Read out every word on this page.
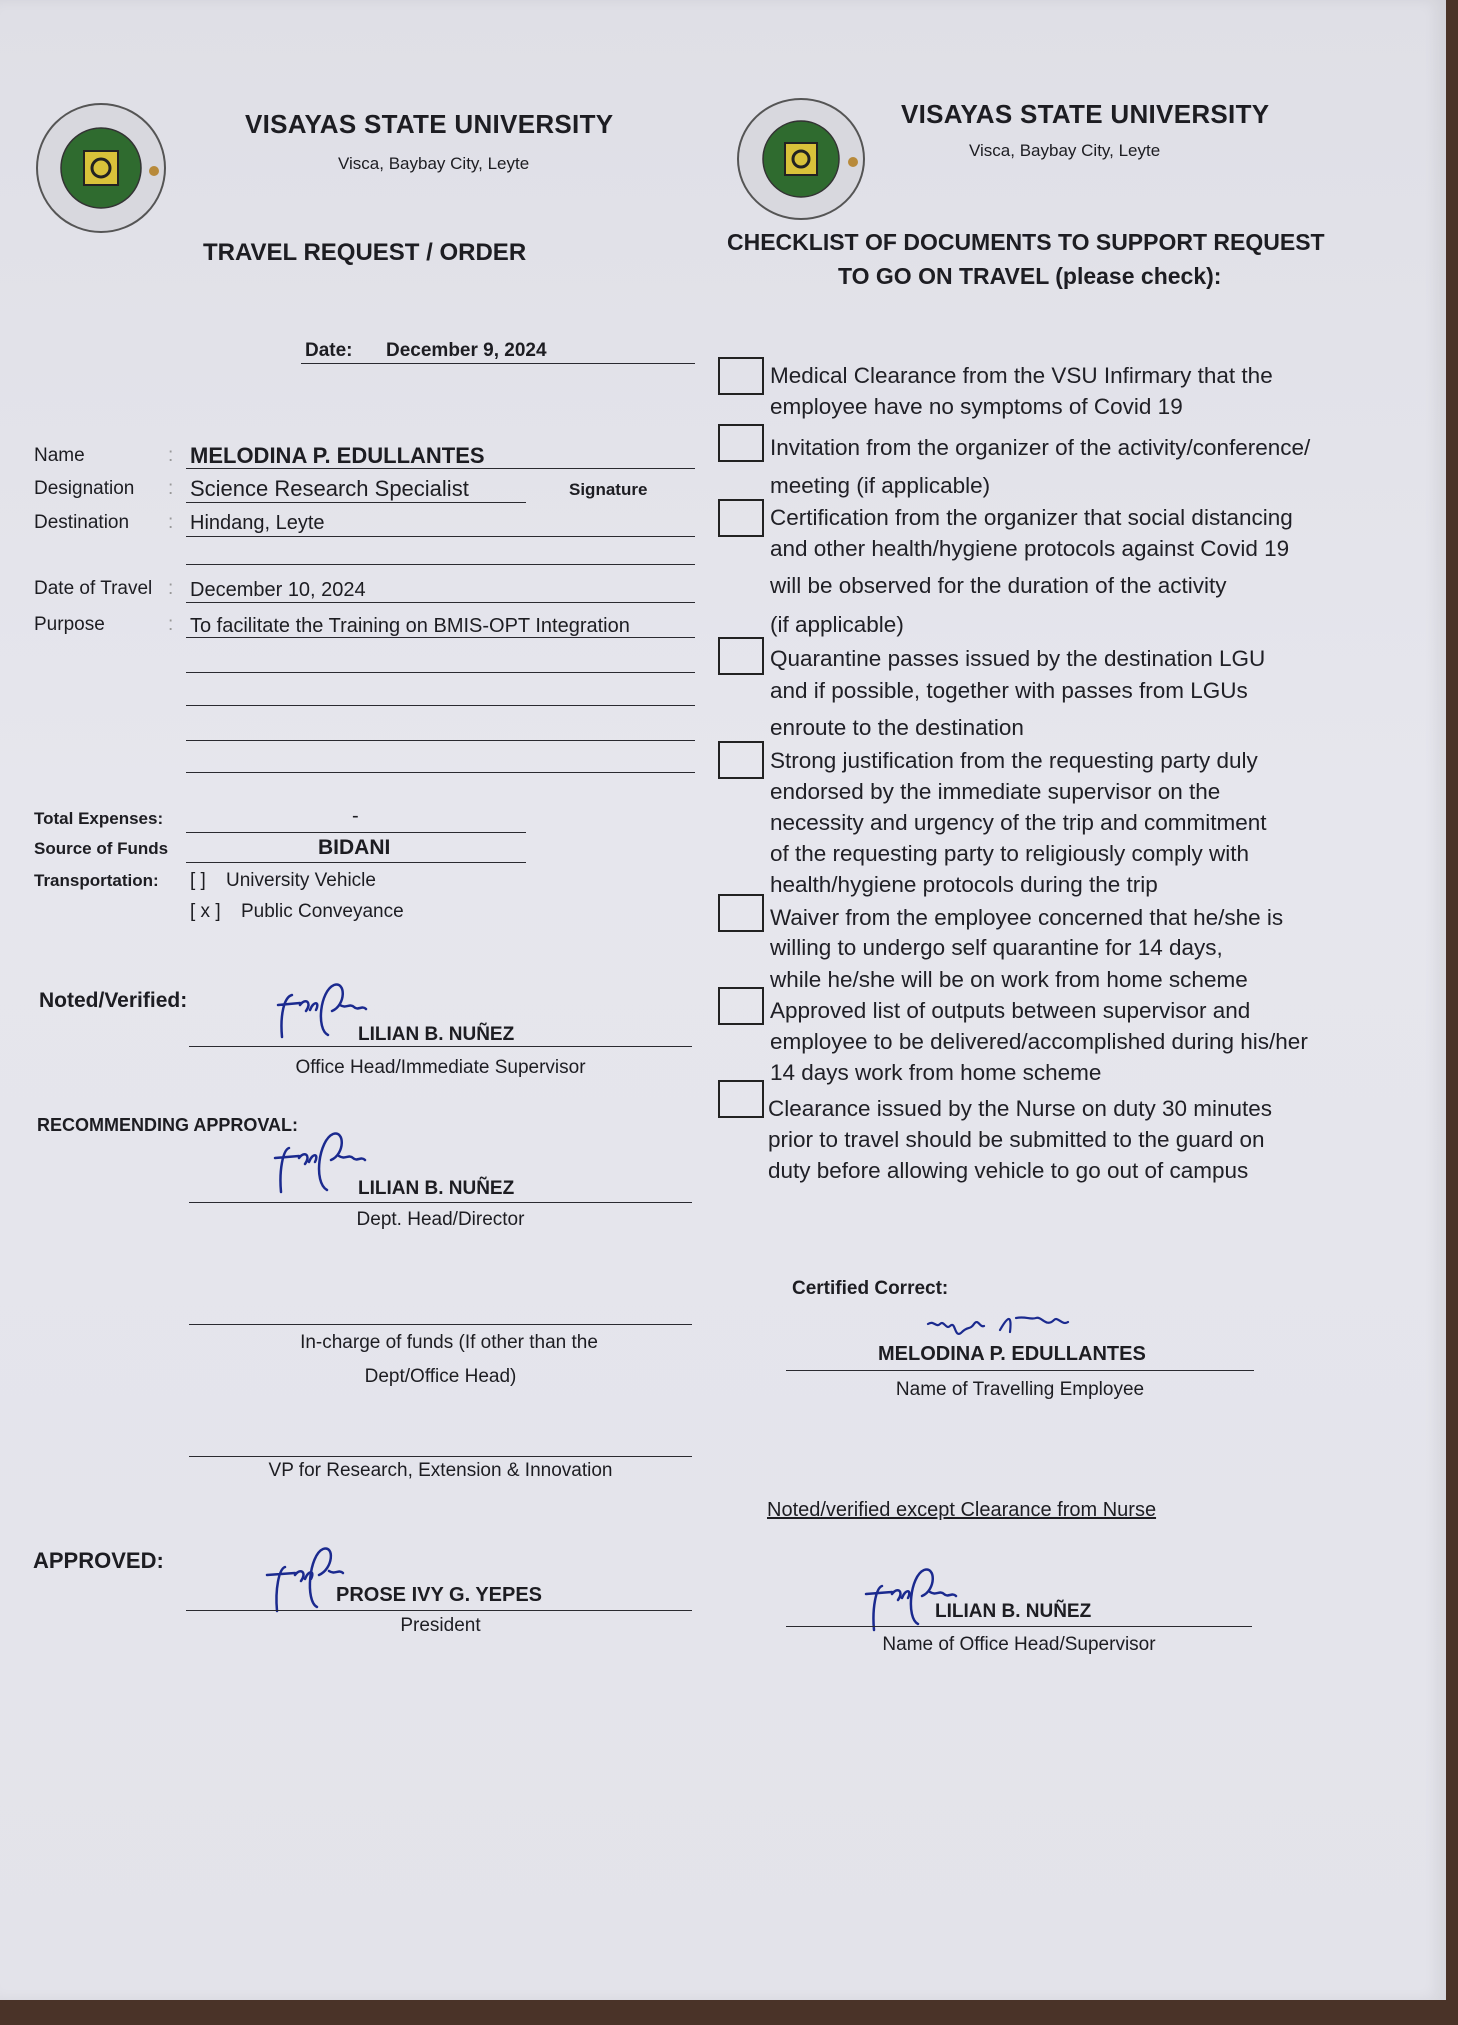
VISAYAS STATE UNIVERSITY
Visca, Baybay City, Leyte
VISAYAS STATE UNIVERSITY
Visca, Baybay City, Leyte
TRAVEL REQUEST / ORDER	CHECKLIST OF DOCUMENTS TO SUPPORT REQUEST
TO GO ON TRAVEL (please check):
Date: December 9, 2024
Name	: MELODINA P. EDULLANTES
Designation : Science Research Specialist	Signature
Destination : Hindang, Leyte
Date of Travel : December 10, 2024
Purpose	: To facilitate the Training on BMIS-OPT Integration
Total Expenses:	-
Source of Funds	BIDANI
Transportation: [ ] University Vehicle
[ x ] Public Conveyance
Noted/Verified:
LILIAN B. NUÑEZ
Office Head/Immediate Supervisor
RECOMMENDING APPROVAL:
LILIAN B. NUÑEZ
Dept. Head/Director
In-charge of funds (If other than the
Dept/Office Head)
VP for Research, Extension & Innovation
APPROVED:
PROSE IVY G. YEPES
President
Medical Clearance from the VSU Infirmary that the
employee have no symptoms of Covid 19
Invitation from the organizer of the activity/conference/
meeting (if applicable)
Certification from the organizer that social distancing
and other health/hygiene protocols against Covid 19
will be observed for the duration of the activity
(if applicable)
Quarantine passes issued by the destination LGU
and if possible, together with passes from LGUs
enroute to the destination
Strong justification from the requesting party duly
endorsed by the immediate supervisor on the
necessity and urgency of the trip and commitment
of the requesting party to religiously comply with
health/hygiene protocols during the trip
Waiver from the employee concerned that he/she is
willing to undergo self quarantine for 14 days,
while he/she will be on work from home scheme
Approved list of outputs between supervisor and
employee to be delivered/accomplished during his/her
14 days work from home scheme
Clearance issued by the Nurse on duty 30 minutes
prior to travel should be submitted to the guard on
duty before allowing vehicle to go out of campus
Certified Correct:
MELODINA P. EDULLANTES
Name of Travelling Employee
Noted/verified except Clearance from Nurse
LILIAN B. NUÑEZ
Name of Office Head/Supervisor
